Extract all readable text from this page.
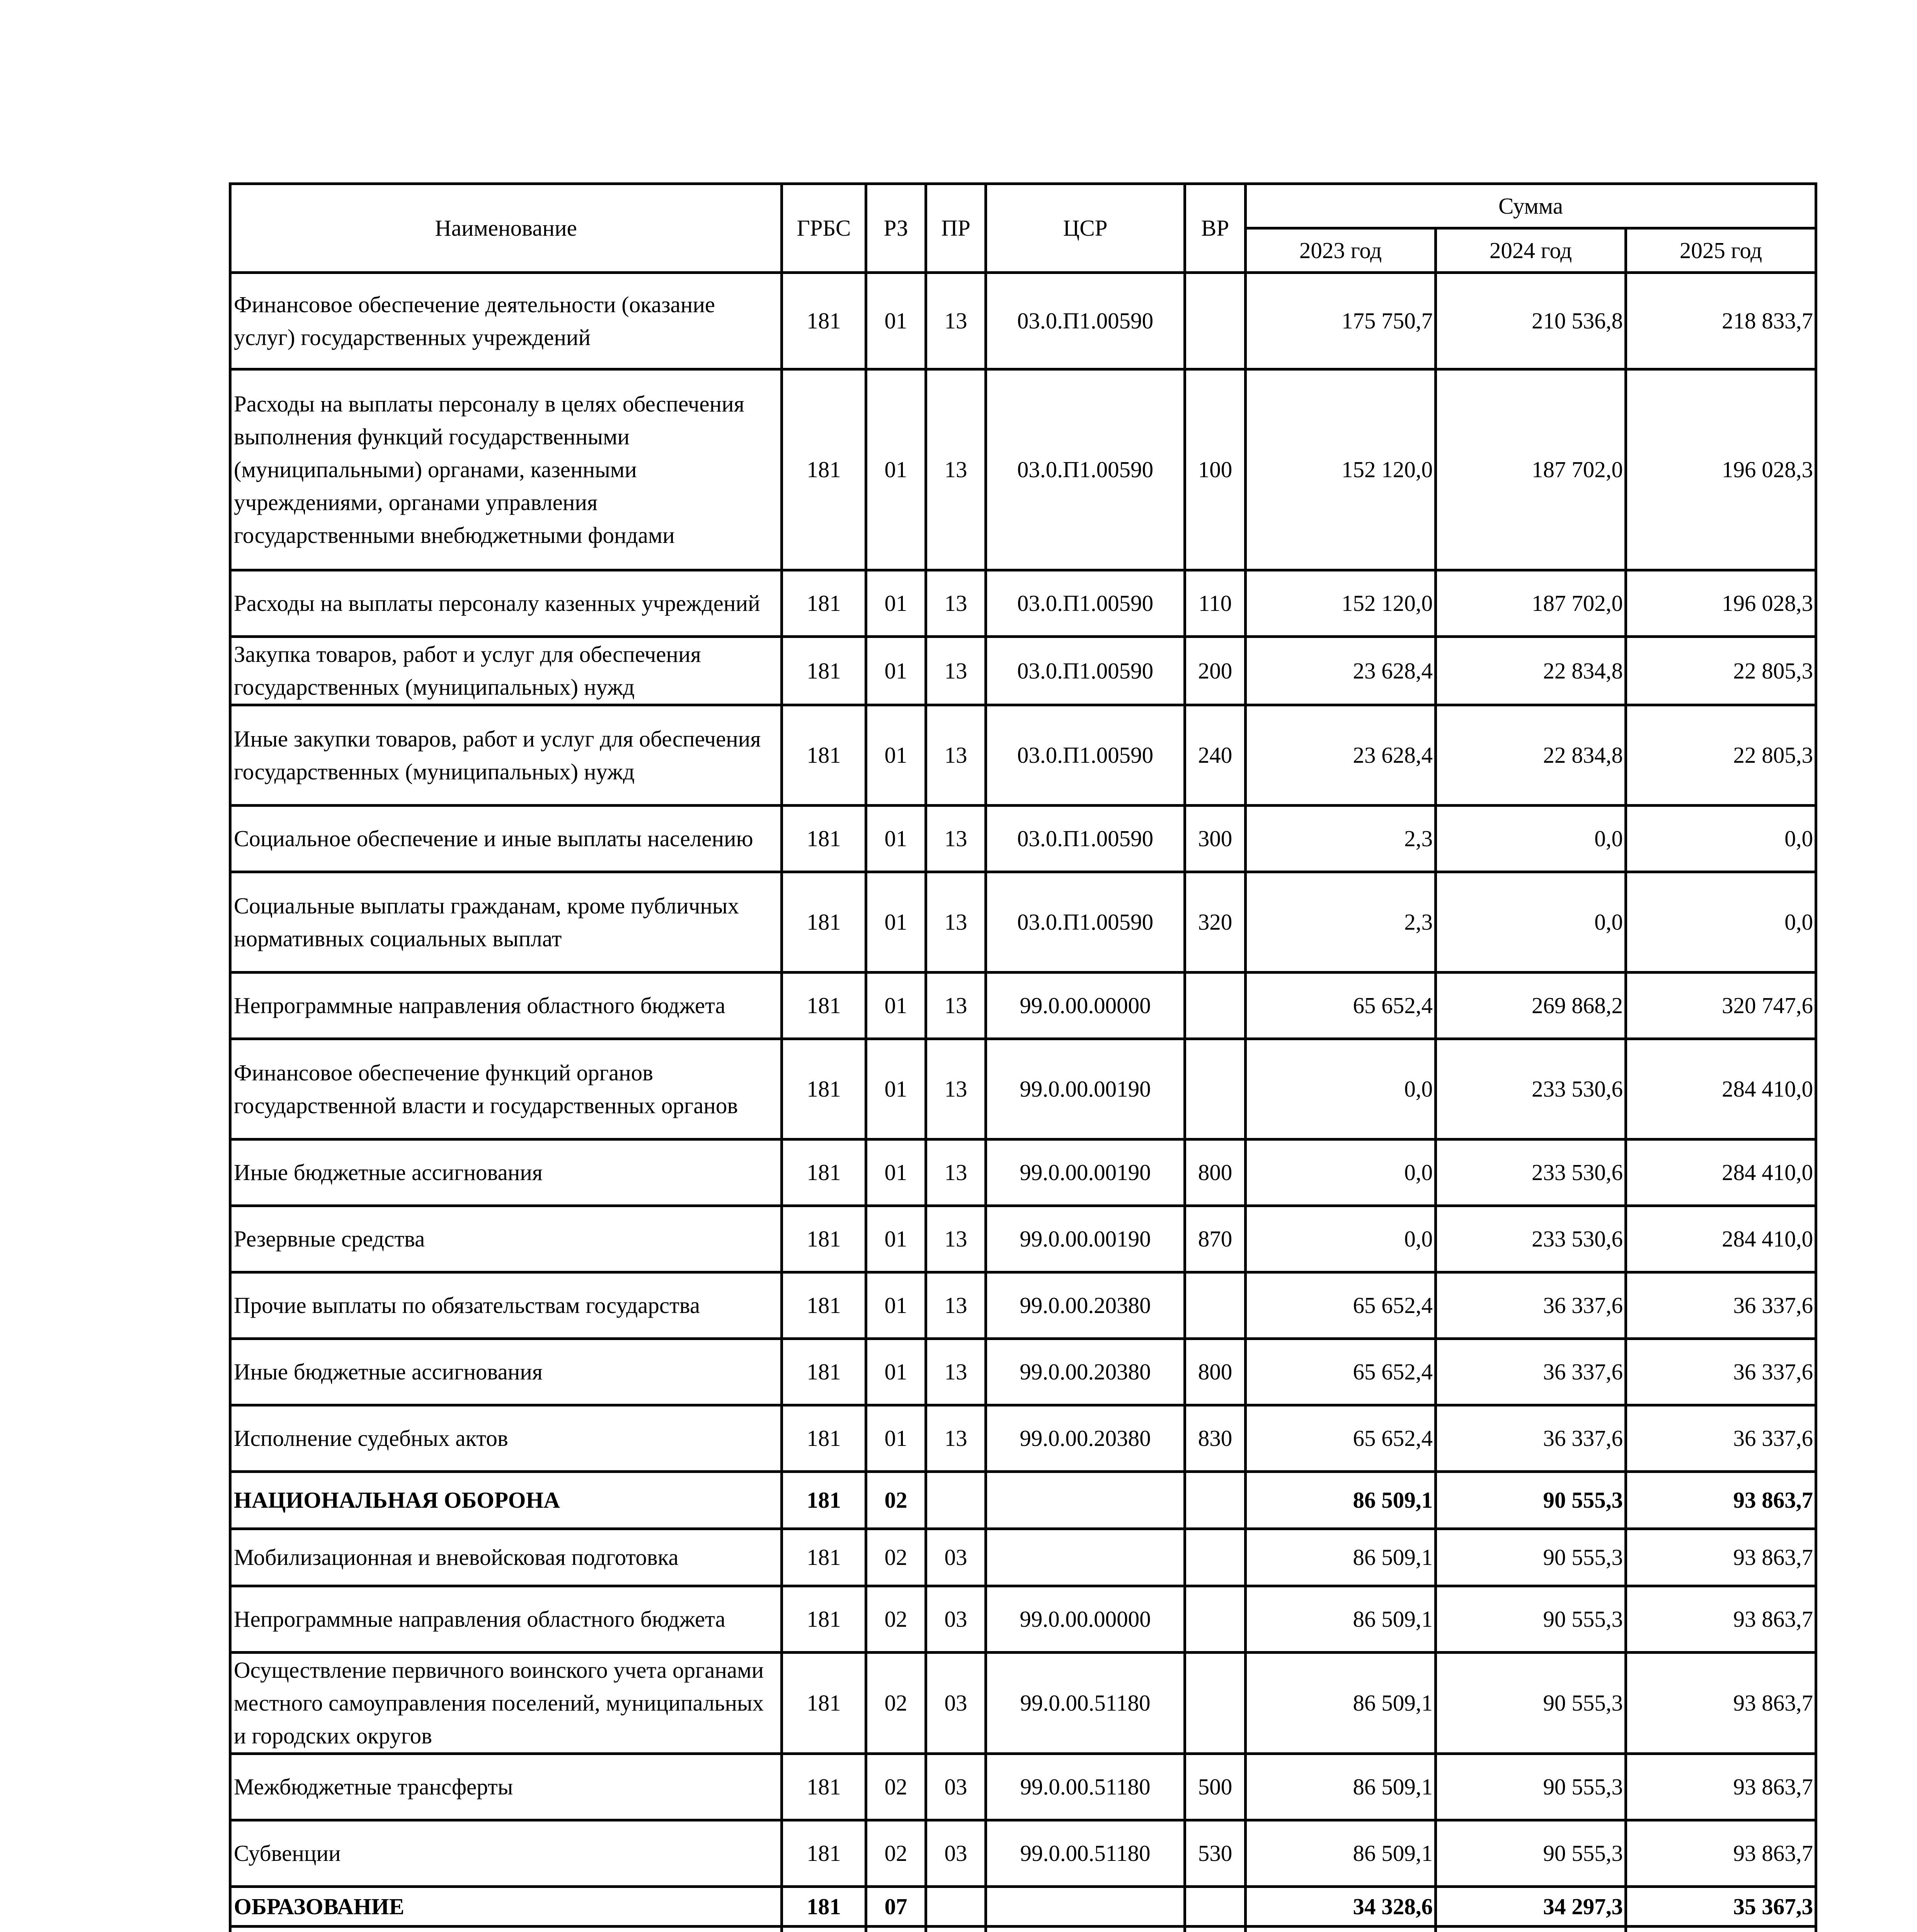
Наименование	ГРБС	РЗ	ПР	ЦСР	ВР	Сумма		
						2023 год	2024 год	2025 год
Финансовое обеспечение деятельности (оказание услуг) государственных учреждений	181	01	13	03.0.П1.00590		175 750,7	210 536,8	218 833,7
Расходы на выплаты персоналу в целях обеспечения выполнения функций государственными (муниципальными) органами, казенными учреждениями, органами управления государственными внебюджетными фондами	181	01	13	03.0.П1.00590	100	152 120,0	187 702,0	196 028,3
Расходы на выплаты персоналу казенных учреждений	181	01	13	03.0.П1.00590	110	152 120,0	187 702,0	196 028,3
Закупка товаров, работ и услуг для обеспечения государственных (муниципальных) нужд	181	01	13	03.0.П1.00590	200	23 628,4	22 834,8	22 805,3
Иные закупки товаров, работ и услуг для обеспечения государственных (муниципальных) нужд	181	01	13	03.0.П1.00590	240	23 628,4	22 834,8	22 805,3
Социальное обеспечение и иные выплаты населению	181	01	13	03.0.П1.00590	300	2,3	0,0	0,0
Социальные выплаты гражданам, кроме публичных нормативных социальных выплат	181	01	13	03.0.П1.00590	320	2,3	0,0	0,0
Непрограммные направления областного бюджета	181	01	13	99.0.00.00000		65 652,4	269 868,2	320 747,6
Финансовое обеспечение функций органов государственной власти и государственных органов	181	01	13	99.0.00.00190		0,0	233 530,6	284 410,0
Иные бюджетные ассигнования	181	01	13	99.0.00.00190	800	0,0	233 530,6	284 410,0
Резервные средства	181	01	13	99.0.00.00190	870	0,0	233 530,6	284 410,0
Прочие выплаты по обязательствам государства	181	01	13	99.0.00.20380		65 652,4	36 337,6	36 337,6
Иные бюджетные ассигнования	181	01	13	99.0.00.20380	800	65 652,4	36 337,6	36 337,6
Исполнение судебных актов	181	01	13	99.0.00.20380	830	65 652,4	36 337,6	36 337,6
НАЦИОНАЛЬНАЯ ОБОРОНА	181	02				86 509,1	90 555,3	93 863,7
Мобилизационная и вневойсковая подготовка	181	02	03			86 509,1	90 555,3	93 863,7
Непрограммные направления областного бюджета	181	02	03	99.0.00.00000		86 509,1	90 555,3	93 863,7
Осуществление первичного воинского учета органами местного самоуправления поселений, муниципальных и городских округов	181	02	03	99.0.00.51180		86 509,1	90 555,3	93 863,7
Межбюджетные трансферты	181	02	03	99.0.00.51180	500	86 509,1	90 555,3	93 863,7
Субвенции	181	02	03	99.0.00.51180	530	86 509,1	90 555,3	93 863,7
ОБРАЗОВАНИЕ	181	07				34 328,6	34 297,3	35 367,3
